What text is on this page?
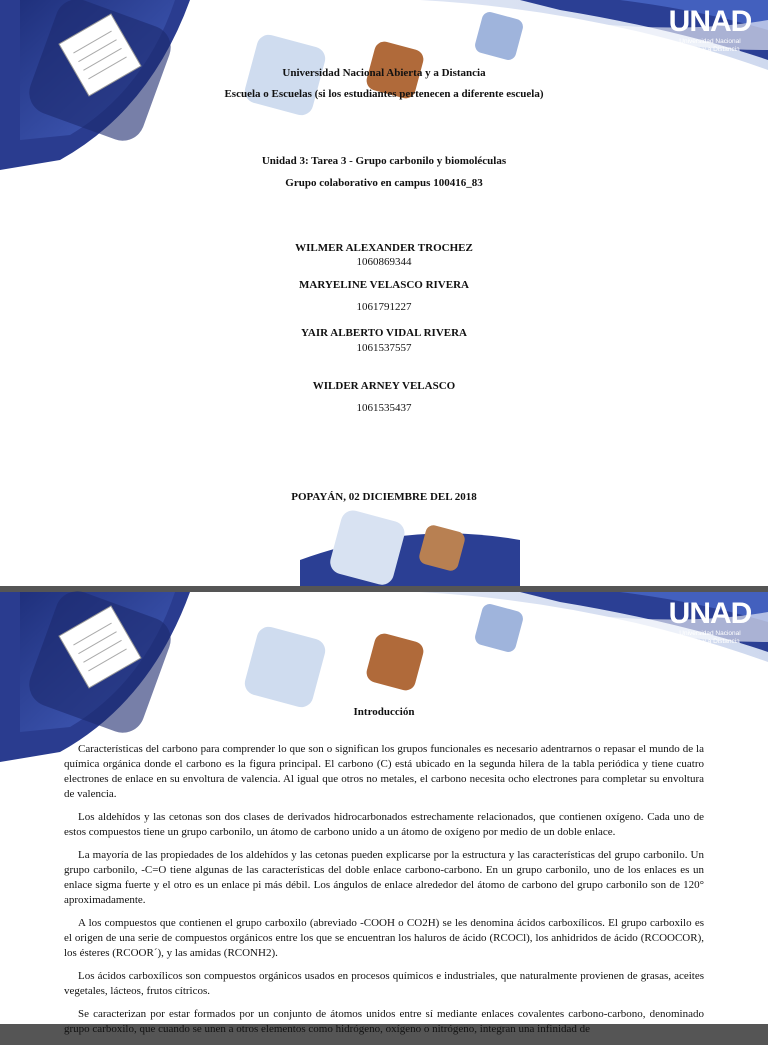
UNAD
Universidad Nacional
Abierta y a Distancia
Universidad Nacional Abierta y a Distancia
Escuela o Escuelas (si los estudiantes pertenecen a diferente escuela)
Unidad 3: Tarea 3 - Grupo carbonilo y biomoléculas
Grupo colaborativo en campus 100416_83
WILMER ALEXANDER TROCHEZ
1060869344
MARYELINE VELASCO RIVERA
1061791227
YAIR ALBERTO VIDAL RIVERA
1061537557
WILDER ARNEY VELASCO
1061535437
POPAYÁN, 02 DICIEMBRE DEL 2018
UNAD
Universidad Nacional
Abierta y a Distancia
Introducción

Características del carbono para comprender lo que son o significan los grupos funcionales es necesario adentrarnos o repasar el mundo de la química orgánica donde el carbono es la figura principal. El carbono (C) está ubicado en la segunda hilera de la tabla periódica y tiene cuatro electrones de enlace en su envoltura de valencia. Al igual que otros no metales, el carbono necesita ocho electrones para completar su envoltura de valencia.

Los aldehídos y las cetonas son dos clases de derivados hidrocarbonados estrechamente relacionados, que contienen oxígeno. Cada uno de estos compuestos tiene un grupo carbonilo, un átomo de carbono unido a un átomo de oxígeno por medio de un doble enlace.

La mayoría de las propiedades de los aldehídos y las cetonas pueden explicarse por la estructura y las características del grupo carbonilo. Un grupo carbonilo, -C=O tiene algunas de las características del doble enlace carbono-carbono. En un grupo carbonilo, uno de los enlaces es un enlace sigma fuerte y el otro es un enlace pi más débil. Los ángulos de enlace alrededor del átomo de carbono del grupo carbonilo son de 120° aproximadamente.

A los compuestos que contienen el grupo carboxilo (abreviado -COOH o CO2H) se les denomina ácidos carboxílicos. El grupo carboxilo es el origen de una serie de compuestos orgánicos entre los que se encuentran los haluros de ácido (RCOCl), los anhidridos de ácido (RCOOCOR), los ésteres (RCOOR´), y las amidas (RCONH2).

Los ácidos carboxílicos son compuestos orgánicos usados en procesos químicos e industriales, que naturalmente provienen de grasas, aceites vegetales, lácteos, frutos cítricos.

Se caracterizan por estar formados por un conjunto de átomos unidos entre sí mediante enlaces covalentes carbono-carbono, denominado grupo carboxilo, que cuando se unen a otros elementos como hidrógeno, oxígeno o nitrógeno, integran una infinidad de
